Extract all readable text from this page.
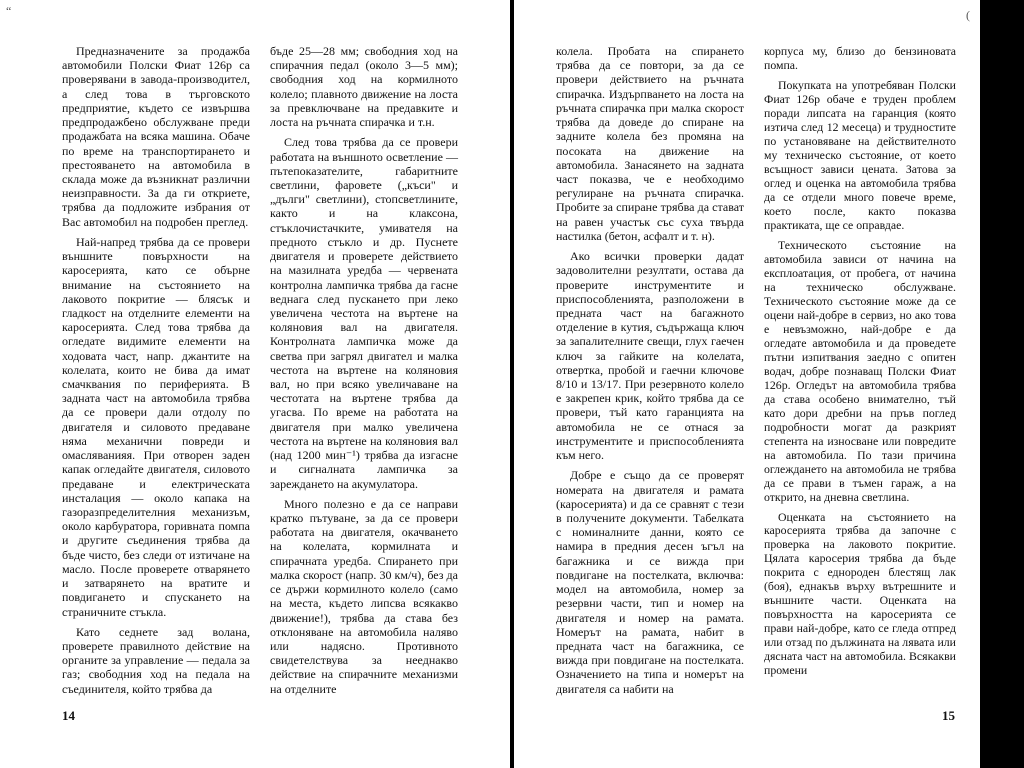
“

Предназначените за продажба автомобили Полски Фиат 126р са проверявани в завода-производител, а след това в търговското предприятие, където се извършва предпродажбено обслужване преди продажбата на всяка машина. Обаче по време на транспортирането и престояването на автомобила в склада може да възникнат различни неизправности. За да ги откриете, трябва да подложите избрания от Вас автомобил на подробен преглед.

Най-напред трябва да се провери външните повърхности на каросерията, като се обърне внимание на състоянието на лаковото покритие — блясък и гладкост на отделните елементи на каросерията. След това трябва да огледате видимите елементи на ходовата част, напр. джантите на колелата, които не бива да имат смачквания по периферията. В задната част на автомобила трябва да се провери дали отдолу по двигателя и силовото предаване няма механични повреди и омасляванияя. При отворен заден капак огледайте двигателя, силовото предаване и електрическата инсталация — около капака на газоразпределителния механизъм, около карбуратора, горивната помпа и другите съединения трябва да бъде чисто, без следи от изтичане на масло. После проверете отварянето и затварянето на вратите и повдигането и спускането на страничните стъкла.

Като седнете зад волана, проверете правилното действие на органите за управление — педала за газ; свободния ход на педала на съединителя, който трябва да

бъде 25—28 мм; свободния ход на спирачния педал (около 3—5 мм); свободния ход на кормилното колело; плавното движение на лоста за превключване на предавките и лоста на ръчната спирачка и т.н.

След това трябва да се провери работата на външното осветление — пътепоказателите, габаритните светлини, фаровете („къси" и „дълги" светлини), стопсветлините, както и на клаксона, стъклочистачките, умивателя на предното стъкло и др. Пуснете двигателя и проверете действието на мазилната уредба — червената контролна лампичка трябва да гасне веднага след пускането при леко увеличена честота на въртене на коляновия вал на двигателя. Контролната лампичка може да светва при загрял двигател и малка честота на въртене на коляновия вал, но при всяко увеличаване на честотата на въртене трябва да угасва. По време на работата на двигателя при малко увеличена честота на въртене на коляновия вал (над 1200 мин⁻¹) трябва да изгасне и сигналната лампичка за зареждането на акумулатора.

Много полезно е да се направи кратко пътуване, за да се провери работата на двигателя, окачването на колелата, кормилната и спирачната уредба. Спирането при малка скорост (напр. 30 км/ч), без да се държи кормилното колело (само на места, където липсва всякакво движение!), трябва да става без отклоняване на автомобила наляво или надясно. Противното свидетелствува за нееднакво действие на спирачните механизми на отделните

14
(

колела. Пробата на спирането трябва да се повтори, за да се провери действието на ръчната спирачка. Издърпването на лоста на ръчната спирачка при малка скорост трябва да доведе до спиране на задните колела без промяна на посоката на движение на автомобила. Занасянето на задната част показва, че е необходимо регулиране на ръчната спирачка. Пробите за спиране трябва да стават на равен участък със суха твърда настилка (бетон, асфалт и т. н).

Ако всички проверки дадат задоволителни резултати, остава да проверите инструментите и приспособленията, разположени в предната част на багажното отделение в кутия, съдържаща ключ за запалителните свещи, глух гаечен ключ за гайките на колелата, отвертка, пробой и гаечни ключове 8/10 и 13/17. При резервното колело е закрепен крик, който трябва да се провери, тъй като гаранцията на автомобила не се отнася за инструментите и приспособленията към него.

Добре е също да се проверят номерата на двигателя и рамата (каросерията) и да се сравнят с тези в получените документи. Табелката с номиналните данни, която се намира в предния десен ъгъл на багажника и се вижда при повдигане на постелката, включва: модел на автомобила, номер за резервни части, тип и номер на двигателя и номер на рамата. Номерът на рамата, набит в предната част на багажника, се вижда при повдигане на постелката. Означението на типа и номерът на двигателя са набити на

корпуса му, близо до бензиновата помпа.

Покупката на употребяван Полски Фиат 126р обаче е труден проблем поради липсата на гаранция (която изтича след 12 месеца) и трудностите по установяване на действителното му техническо състояние, от което всъщност зависи цената. Затова за оглед и оценка на автомобила трябва да се отдели много повече време, което после, както показва практиката, ще се оправдае.

Техническото състояние на автомобила зависи от начина на експлоатация, от пробега, от начина на техническо обслужване. Техническото състояние може да се оцени най-добре в сервиз, но ако това е невъзможно, най-добре е да огледате автомобила и да проведете пътни изпитвания заедно с опитен водач, добре познаващ Полски Фиат 126р. Огледът на автомобила трябва да става особено внимателно, тъй като дори дребни на пръв поглед подробности могат да разкрият степента на износване или повредите на автомобила. По тази причина оглеждането на автомобила не трябва да се прави в тъмен гараж, а на открито, на дневна светлина.

Оценката на състоянието на каросерията трябва да започне с проверка на лаковото покритие. Цялата каросерия трябва да бъде покрита с еднороден блестящ лак (боя), еднакъв върху вътрешните и външните части. Оценката на повърхността на каросерията се прави най-добре, като се гледа отпред или отзад по дължината на лявата или дясната част на автомобила. Всякакви промени

15
